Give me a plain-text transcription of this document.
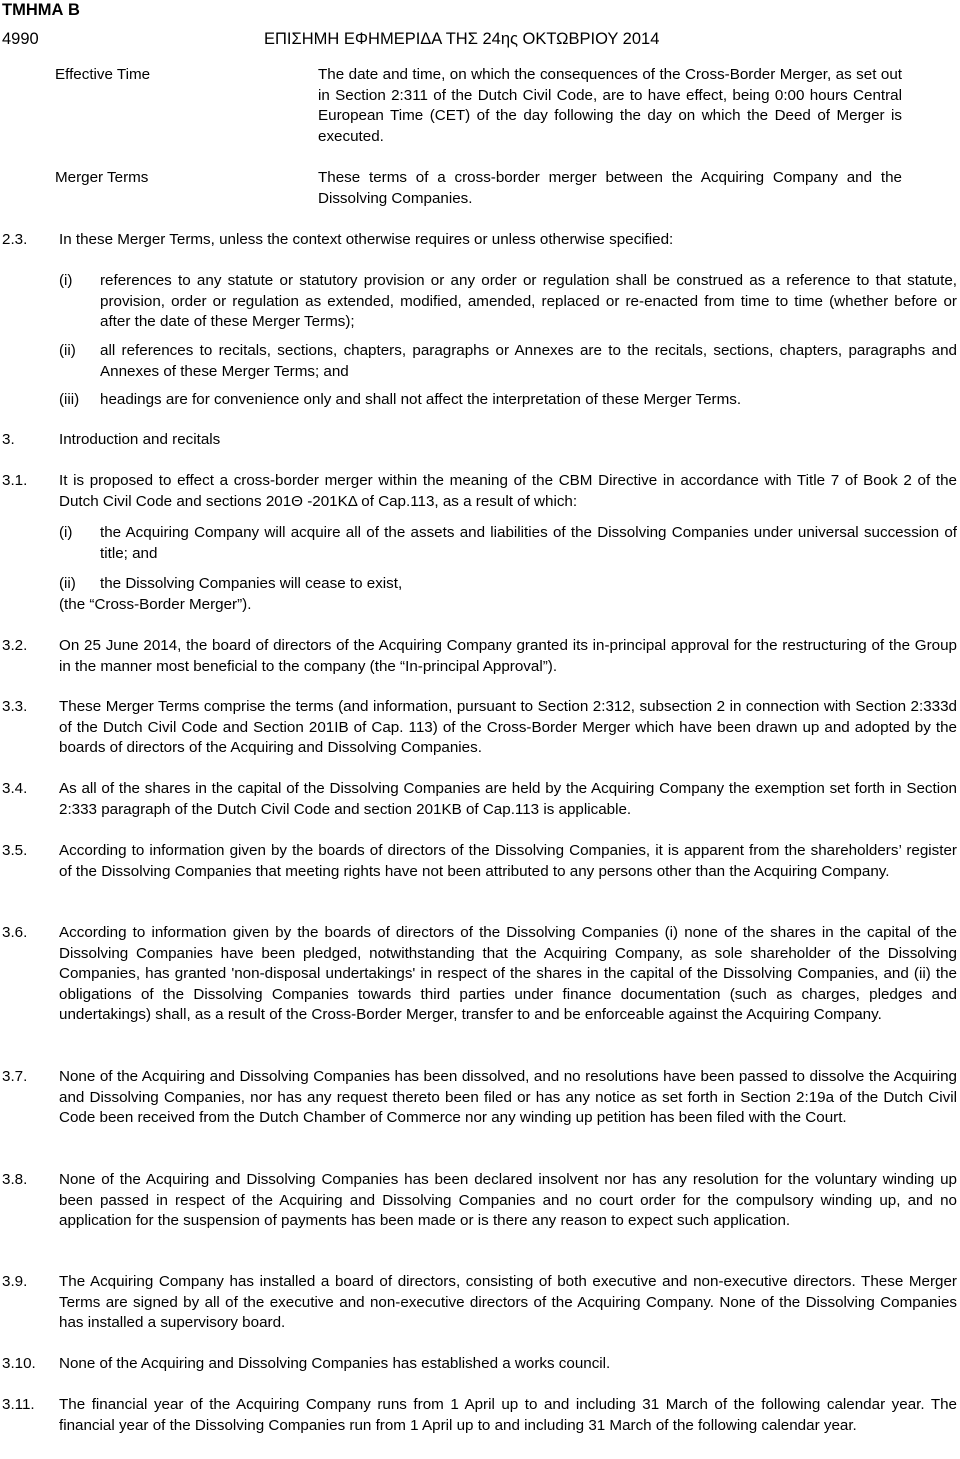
ΤΜΗΜΑ Β
4990	ΕΠΙΣΗΜΗ ΕΦΗΜΕΡΙΔΑ ΤΗΣ 24ης ΟΚΤΩΒΡΙΟΥ 2014
Effective Time	The date and time, on which the consequences of the Cross-Border Merger, as set out in Section 2:311 of the Dutch Civil Code, are to have effect, being 0:00 hours Central European Time (CET) of the day following the day on which the Deed of Merger is executed.
Merger Terms	These terms of a cross-border merger between the Acquiring Company and the Dissolving Companies.
2.3. In these Merger Terms, unless the context otherwise requires or unless otherwise specified:
(i) references to any statute or statutory provision or any order or regulation shall be construed as a reference to that statute, provision, order or regulation as extended, modified, amended, replaced or re-enacted from time to time (whether before or after the date of these Merger Terms);
(ii) all references to recitals, sections, chapters, paragraphs or Annexes are to the recitals, sections, chapters, paragraphs and Annexes of these Merger Terms; and
(iii) headings are for convenience only and shall not affect the interpretation of these Merger Terms.
3.	Introduction and recitals
3.1. It is proposed to effect a cross-border merger within the meaning of the CBM Directive in accordance with Title 7 of Book 2 of the Dutch Civil Code and sections 201Θ -201ΚΔ of Cap.113, as a result of which:
(i) the Acquiring Company will acquire all of the assets and liabilities of the Dissolving Companies under universal succession of title; and
(ii) the Dissolving Companies will cease to exist,
(the “Cross-Border Merger”).
3.2. On 25 June 2014, the board of directors of the Acquiring Company granted its in-principal approval for the restructuring of the Group in the manner most beneficial to the company (the “In-principal Approval”).
3.3. These Merger Terms comprise the terms (and information, pursuant to Section 2:312, subsection 2 in connection with Section 2:333d of the Dutch Civil Code and Section 201IB of Cap. 113) of the Cross-Border Merger which have been drawn up and adopted by the boards of directors of the Acquiring and Dissolving Companies.
3.4. As all of the shares in the capital of the Dissolving Companies are held by the Acquiring Company the exemption set forth in Section 2:333 paragraph of the Dutch Civil Code and section 201KB of Cap.113 is applicable.
3.5. According to information given by the boards of directors of the Dissolving Companies, it is apparent from the shareholders’ register of the Dissolving Companies that meeting rights have not been attributed to any persons other than the Acquiring Company.
3.6. According to information given by the boards of directors of the Dissolving Companies (i) none of the shares in the capital of the Dissolving Companies have been pledged, notwithstanding that the Acquiring Company, as sole shareholder of the Dissolving Companies, has granted 'non-disposal undertakings' in respect of the shares in the capital of the Dissolving Companies, and (ii) the obligations of the Dissolving Companies towards third parties under finance documentation (such as charges, pledges and undertakings) shall, as a result of the Cross-Border Merger, transfer to and be enforceable against the Acquiring Company.
3.7. None of the Acquiring and Dissolving Companies has been dissolved, and no resolutions have been passed to dissolve the Acquiring and Dissolving Companies, nor has any request thereto been filed or has any notice as set forth in Section 2:19a of the Dutch Civil Code been received from the Dutch Chamber of Commerce nor any winding up petition has been filed with the Court.
3.8. None of the Acquiring and Dissolving Companies has been declared insolvent nor has any resolution for the voluntary winding up been passed in respect of the Acquiring and Dissolving Companies and no court order for the compulsory winding up, and no application for the suspension of payments has been made or is there any reason to expect such application.
3.9. The Acquiring Company has installed a board of directors, consisting of both executive and non-executive directors. These Merger Terms are signed by all of the executive and non-executive directors of the Acquiring Company. None of the Dissolving Companies has installed a supervisory board.
3.10. None of the Acquiring and Dissolving Companies has established a works council.
3.11. The financial year of the Acquiring Company runs from 1 April up to and including 31 March of the following calendar year. The financial year of the Dissolving Companies run from 1 April up to and including 31 March of the following calendar year.
